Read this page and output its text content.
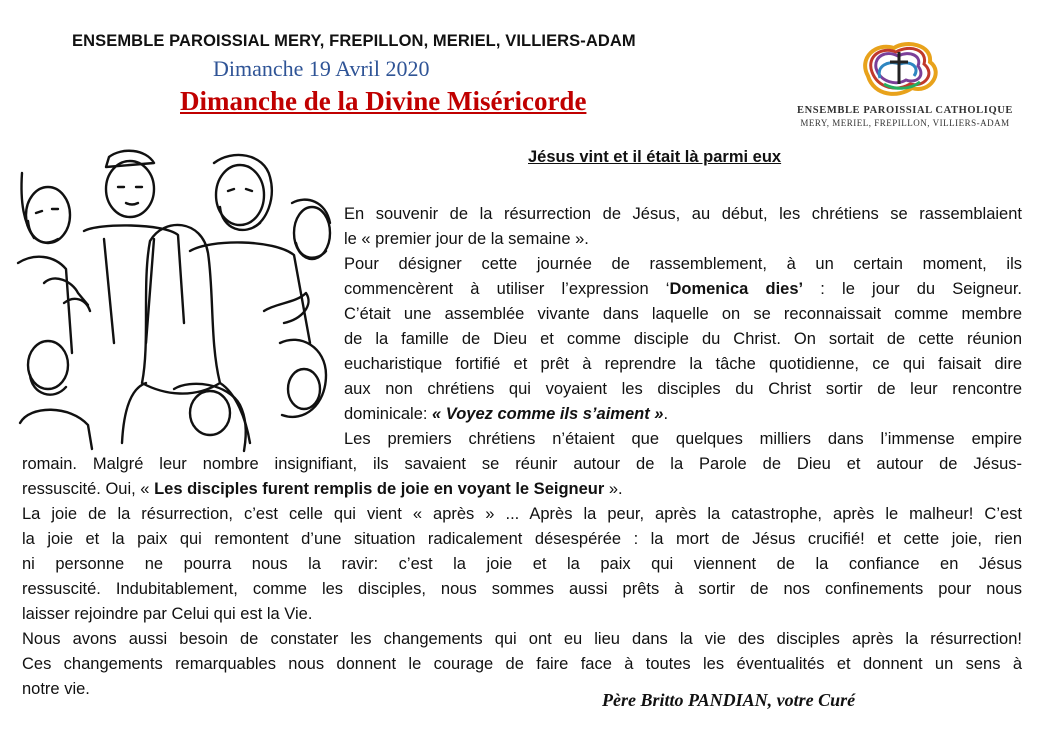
ENSEMBLE PAROISSIAL MERY, FREPILLON, MERIEL, VILLIERS-ADAM
Dimanche 19 Avril 2020
Dimanche de la Divine Miséricorde	ENSEMBLE PAROISSIAL CATHOLIQUE
MERY, MERIEL, FREPILLON, VILLIERS-ADAM
Jésus vint et il était là parmi eux
En souvenir de la résurrection de Jésus, au début, les chrétiens se rassemblaient
le « premier jour de la semaine ».
Pour désigner cette journée de rassemblement, à un certain moment, ils
commencèrent à utiliser l’expression ‘Domenica dies’ : le jour du Seigneur.
C’était une assemblée vivante dans laquelle on se reconnaissait comme membre
de la famille de Dieu et comme disciple du Christ. On sortait de cette réunion
eucharistique fortifié et prêt à reprendre la tâche quotidienne, ce qui faisait dire
aux non chrétiens qui voyaient les disciples du Christ sortir de leur rencontre
dominicale: « Voyez comme ils s’aiment ».
Les premiers chrétiens n’étaient que quelques milliers dans l’immense empire
romain. Malgré leur nombre insignifiant, ils savaient se réunir autour de la Parole de Dieu et autour de Jésus-
ressuscité. Oui, « Les disciples furent remplis de joie en voyant le Seigneur ».
La joie de la résurrection, c’est celle qui vient « après » ... Après la peur, après la catastrophe, après le malheur! C’est
la joie et la paix qui remontent d’une situation radicalement désespérée : la mort de Jésus crucifié! et cette joie, rien
ni personne ne pourra nous la ravir: c’est la joie et la paix qui viennent de la confiance en Jésus
ressuscité. Indubitablement, comme les disciples, nous sommes aussi prêts à sortir de nos confinements pour nous
laisser rejoindre par Celui qui est la Vie.
Nous avons aussi besoin de constater les changements qui ont eu lieu dans la vie des disciples après la résurrection!
Ces changements remarquables nous donnent le courage de faire face à toutes les éventualités et donnent un sens à
notre vie.
Père Britto PANDIAN, votre Curé
